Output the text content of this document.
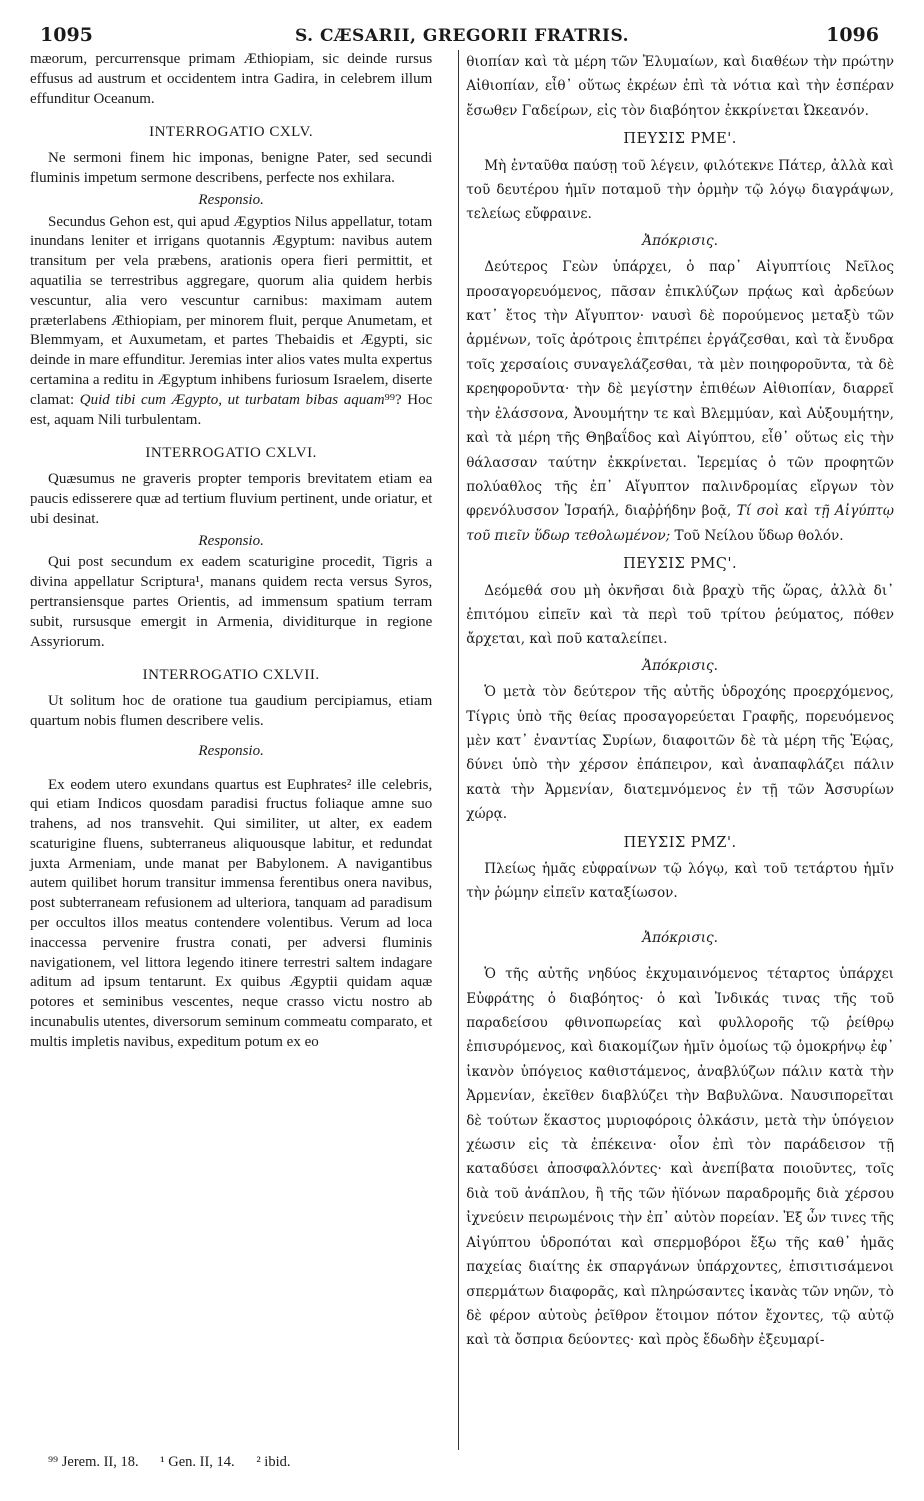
1095	S. CÆSARII, GREGORII FRATRIS.	1096

mæorum, percurrensque primam Æthiopiam, sic deinde rursus effusus ad austrum et occidentem intra Gadira, in celebrem illum effunditur Oceanum.

INTERROGATIO CXLV.

Ne sermoni finem hic imponas, benigne Pater, sed secundi fluminis impetum sermone describens, perfecte nos exhilara.

Responsio.

Secundus Gehon est, qui apud Ægyptios Nilus appellatur, totam inundans leniter et irrigans quotannis Ægyptum: navibus autem transitum per vela præbens, arationis opera fieri permittit, et aquatilia se terrestribus aggregare, quorum alia quidem herbis vescuntur, alia vero vescuntur carnibus: maximam autem præterlabens Æthiopiam, per minorem fluit, perque Anumetam, et Blemmyam, et Auxumetam, et partes Thebaidis et Ægypti, sic deinde in mare effunditur. Jeremias inter alios vates multa expertus certamina a reditu in Ægyptum inhibens furiosum Israelem, diserte clamat: Quid tibi cum Ægypto, ut turbatam bibas aquam⁹⁹? Hoc est, aquam Nili turbulentam.

INTERROGATIO CXLVI.

Quæsumus ne graveris propter temporis brevitatem etiam ea paucis edisserere quæ ad tertium fluvium pertinent, unde oriatur, et ubi desinat.

Responsio.

Qui post secundum ex eadem scaturigine procedit, Tigris a divina appellatur Scriptura¹, manans quidem recta versus Syros, pertransiensque partes Orientis, ad immensum spatium terram subit, rursusque emergit in Armenia, dividiturque in regione Assyriorum.

INTERROGATIO CXLVII.

Ut solitum hoc de oratione tua gaudium percipiamus, etiam quartum nobis flumen describere velis.

Responsio.

Ex eodem utero exundans quartus est Euphrates² ille celebris, qui etiam Indicos quosdam paradisi fructus foliaque amne suo trahens, ad nos transvehit. Qui similiter, ut alter, ex eadem scaturigine fluens, subterraneus aliquousque labitur, et redundat juxta Armeniam, unde manat per Babylonem. A navigantibus autem quilibet horum transitur immensa ferentibus onera navibus, post subterraneam refusionem ad ulteriora, tanquam ad paradisum per occultos illos meatus contendere volentibus. Verum ad loca inaccessa pervenire frustra conati, per adversi fluminis navigationem, vel littora legendo itinere terrestri saltem indagare aditum ad ipsum tentarunt. Ex quibus Ægyptii quidam aquæ potores et seminibus vescentes, neque crasso victu nostro ab incunabulis utentes, diversorum seminum commeatu comparato, et multis impletis navibus, expeditum potum ex eo

θιοπίαν καὶ τὰ μέρη τῶν Ἐλυμαίων, καὶ διαθέων τὴν πρώτην Αἰθιοπίαν, εἶθ᾽ οὕτως ἐκρέων ἐπὶ τὰ νότια καὶ τὴν ἑσπέραν ἔσωθεν Γαδείρων, εἰς τὸν διαβόητον ἐκκρίνεται Ὠκεανόν.

ΠΕΥΣΙΣ ΡΜΕ'.

Μὴ ἐνταῦθα παύσῃ τοῦ λέγειν, φιλότεκνε Πάτερ, ἀλλὰ καὶ τοῦ δευτέρου ἡμῖν ποταμοῦ τὴν ὁρμὴν τῷ λόγῳ διαγράψων, τελείως εὔφραινε.

Ἀπόκρισις.

Δεύτερος Γεὼν ὑπάρχει, ὁ παρ᾽ Αἰγυπτίοις Νεῖλος προσαγορευόμενος, πᾶσαν ἐπικλύζων πρᾴως καὶ ἀρδεύων κατ᾽ ἔτος τὴν Αἴγυπτον· ναυσὶ δὲ πορούμενος μεταξὺ τῶν ἀρμένων, τοῖς ἀρότροις ἐπιτρέπει ἐργάζεσθαι, καὶ τὰ ἔνυδρα τοῖς χερσαίοις συναγελάζεσθαι, τὰ μὲν ποιηφοροῦντα, τὰ δὲ κρεηφοροῦντα· τὴν δὲ μεγίστην ἐπιθέων Αἰθιοπίαν, διαρρεῖ τὴν ἐλάσσονα, Ἀνουμήτην τε καὶ Βλεμμύαν, καὶ Αὐξουμήτην, καὶ τὰ μέρη τῆς Θηβαΐδος καὶ Αἰγύπτου, εἶθ᾽ οὕτως εἰς τὴν θάλασσαν ταύτην ἐκκρίνεται. Ἱερεμίας ὁ τῶν προφητῶν πολύαθλος τῆς ἐπ᾽ Αἴγυπτον παλινδρομίας εἴργων τὸν φρενόλυσσον Ἰσραήλ, διαῤῥήδην βοᾷ, Τί σοὶ καὶ τῇ Αἰγύπτῳ τοῦ πιεῖν ὕδωρ τεθολωμένον; Τοῦ Νείλου ὕδωρ θολόν.

ΠΕΥΣΙΣ ΡΜϚ'.

Δεόμεθά σου μὴ ὀκνῆσαι διὰ βραχὺ τῆς ὥρας, ἀλλὰ δι᾽ ἐπιτόμου εἰπεῖν καὶ τὰ περὶ τοῦ τρίτου ῥεύματος, πόθεν ἄρχεται, καὶ ποῦ καταλείπει.

Ἀπόκρισις.

Ὁ μετὰ τὸν δεύτερον τῆς αὐτῆς ὑδροχόης προερχόμενος, Τίγρις ὑπὸ τῆς θείας προσαγορεύεται Γραφῆς, πορευόμενος μὲν κατ᾽ ἐναντίας Συρίων, διαφοιτῶν δὲ τὰ μέρη τῆς Ἑῴας, δύνει ὑπὸ τὴν χέρσον ἐπάπειρον, καὶ ἀναπαφλάζει πάλιν κατὰ τὴν Ἀρμενίαν, διατεμνόμενος ἐν τῇ τῶν Ἀσσυρίων χώρᾳ.

ΠΕΥΣΙΣ ΡΜΖ'.

Πλείως ἡμᾶς εὐφραίνων τῷ λόγῳ, καὶ τοῦ τετάρτου ἡμῖν τὴν ῥώμην εἰπεῖν καταξίωσον.

Ἀπόκρισις.

Ὁ τῆς αὐτῆς νηδύος ἐκχυμαινόμενος τέταρτος ὑπάρχει Εὐφράτης ὁ διαβόητος· ὁ καὶ Ἰνδικάς τινας τῆς τοῦ παραδείσου φθινοπωρείας καὶ φυλλοροῆς τῷ ῥείθρῳ ἐπισυρόμενος, καὶ διακομίζων ἡμῖν ὁμοίως τῷ ὁμοκρήνῳ ἐφ᾽ ἱκανὸν ὑπόγειος καθιστάμενος, ἀναβλύζων πάλιν κατὰ τὴν Ἀρμενίαν, ἐκεῖθεν διαβλύζει τὴν Βαβυλῶνα. Ναυσιπορεῖται δὲ τούτων ἕκαστος μυριοφόροις ὁλκάσιν, μετὰ τὴν ὑπόγειον χέωσιν εἰς τὰ ἐπέκεινα· οἷον ἐπὶ τὸν παράδεισον τῇ καταδύσει ἀποσφαλλόντες· καὶ ἀνεπίβατα ποιοῦντες, τοῖς διὰ τοῦ ἀνάπλου, ἢ τῆς τῶν ἠϊόνων παραδρομῆς διὰ χέρσου ἰχνεύειν πειρωμένοις τὴν ἐπ᾽ αὐτὸν πορείαν. Ἐξ ὧν τινες τῆς Αἰγύπτου ὑδροπόται καὶ σπερμοβόροι ἔξω τῆς καθ᾽ ἡμᾶς παχείας διαίτης ἐκ σπαργάνων ὑπάρχοντες, ἐπισιτισάμενοι σπερμάτων διαφορᾶς, καὶ πληρώσαντες ἱκανὰς τῶν νηῶν, τὸ δὲ φέρον αὐτοὺς ῥεῖθρον ἕτοιμον πότον ἔχοντες, τῷ αὐτῷ καὶ τὰ ὄσπρια δεύοντες· καὶ πρὸς ἔδωδὴν ἐξευμαρί-

⁹⁹ Jerem. II, 18. ¹ Gen. II, 14. ² ibid.
